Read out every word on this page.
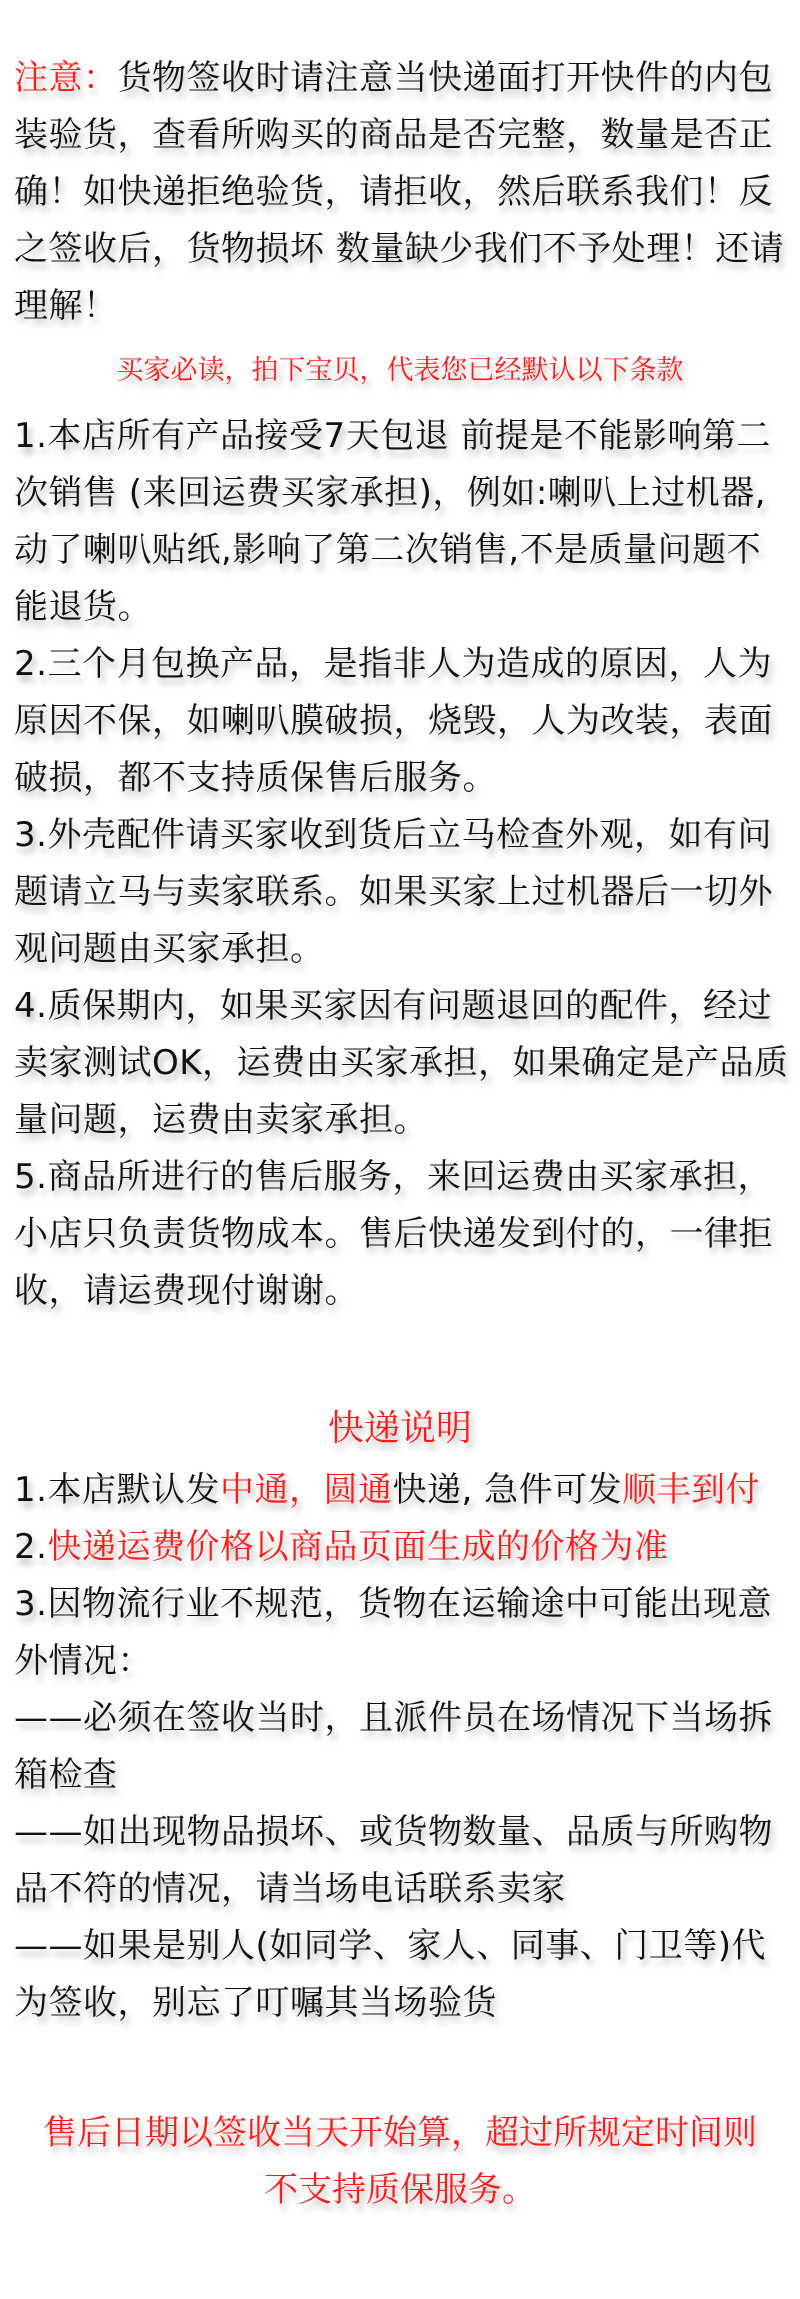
注意：货物签收时请注意当快递面打开快件的内包装验货，查看所购买的商品是否完整，数量是否正确！如快递拒绝验货，请拒收，然后联系我们！反之签收后，货物损坏 数量缺少我们不予处理！还请理解！

买家必读，拍下宝贝，代表您已经默认以下条款

1.本店所有产品接受7天包退 前提是不能影响第二次销售 (来回运费买家承担)，例如:喇叭上过机器,动了喇叭贴纸,影响了第二次销售,不是质量问题不能退货。

2.三个月包换产品，是指非人为造成的原因，人为原因不保，如喇叭膜破损，烧毁，人为改装，表面破损，都不支持质保售后服务。

3.外壳配件请买家收到货后立马检查外观，如有问题请立马与卖家联系。如果买家上过机器后一切外观问题由买家承担。

4.质保期内，如果买家因有问题退回的配件，经过卖家测试OK，运费由买家承担，如果确定是产品质量问题，运费由卖家承担。

5.商品所进行的售后服务，来回运费由买家承担，小店只负责货物成本。售后快递发到付的，一律拒收，请运费现付谢谢。

快递说明

1.本店默认发中通，圆通快递, 急件可发顺丰到付

2.快递运费价格以商品页面生成的价格为准

3.因物流行业不规范，货物在运输途中可能出现意外情况：

——必须在签收当时，且派件员在场情况下当场拆箱检查

——如出现物品损坏、或货物数量、品质与所购物品不符的情况，请当场电话联系卖家

——如果是别人(如同学、家人、同事、门卫等)代为签收，别忘了叮嘱其当场验货

售后日期以签收当天开始算，超过所规定时间则

不支持质保服务。
